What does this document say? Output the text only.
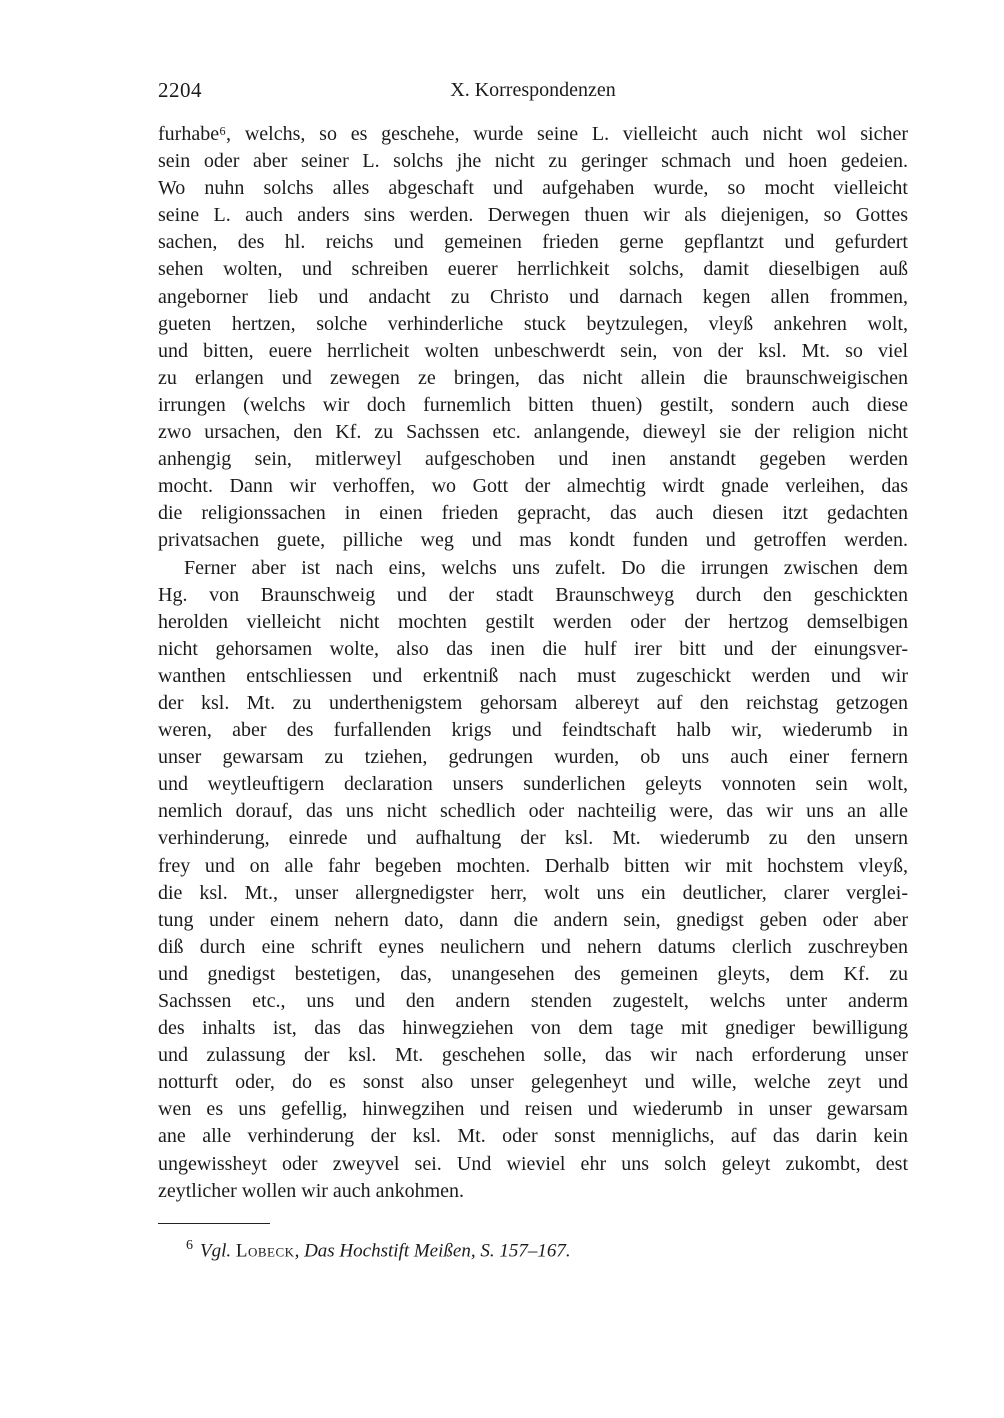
2204	X. Korrespondenzen
furhabe⁶, welchs, so es geschehe, wurde seine L. vielleicht auch nicht wol sicher
sein oder aber seiner L. solchs jhe nicht zu geringer schmach und hoen gedeien.
Wo nuhn solchs alles abgeschaft und aufgehaben wurde, so mocht vielleicht
seine L. auch anders sins werden. Derwegen thuen wir als diejenigen, so Gottes
sachen, des hl. reichs und gemeinen frieden gerne gepflantzt und gefurdert
sehen wolten, und schreiben euerer herrlichkeit solchs, damit dieselbigen auß
angeborner lieb und andacht zu Christo und darnach kegen allen frommen,
gueten hertzen, solche verhinderliche stuck beytzulegen, vleyß ankehren wolt,
und bitten, euere herrlicheit wolten unbeschwerdt sein, von der ksl. Mt. so viel
zu erlangen und zewegen ze bringen, das nicht allein die braunschweigischen
irrungen (welchs wir doch furnemlich bitten thuen) gestilt, sondern auch diese
zwo ursachen, den Kf. zu Sachssen etc. anlangende, dieweyl sie der religion nicht
anhengig sein, mitlerweyl aufgeschoben und inen anstandt gegeben werden
mocht. Dann wir verhoffen, wo Gott der almechtig wirdt gnade verleihen, das
die religionssachen in einen frieden gepracht, das auch diesen itzt gedachten
privatsachen guete, pilliche weg und mas kondt funden und getroffen werden.
Ferner aber ist nach eins, welchs uns zufelt. Do die irrungen zwischen dem
Hg. von Braunschweig und der stadt Braunschweyg durch den geschickten
herolden vielleicht nicht mochten gestilt werden oder der hertzog demselbigen
nicht gehorsamen wolte, also das inen die hulf irer bitt und der einungsver-
wanthen entschliessen und erkentniß nach must zugeschickt werden und wir
der ksl. Mt. zu underthenigstem gehorsam albereyt auf den reichstag getzogen
weren, aber des furfallenden krigs und feindtschaft halb wir, wiederumb in
unser gewarsam zu tziehen, gedrungen wurden, ob uns auch einer fernern
und weytleuftigern declaration unsers sunderlichen geleyts vonnoten sein wolt,
nemlich dorauf, das uns nicht schedlich oder nachteilig were, das wir uns an alle
verhinderung, einrede und aufhaltung der ksl. Mt. wiederumb zu den unsern
frey und on alle fahr begeben mochten. Derhalb bitten wir mit hochstem vleyß,
die ksl. Mt., unser allergnedigster herr, wolt uns ein deutlicher, clarer verglei-
tung under einem nehern dato, dann die andern sein, gnedigst geben oder aber
diß durch eine schrift eynes neulichern und nehern datums clerlich zuschreyben
und gnedigst bestetigen, das, unangesehen des gemeinen gleyts, dem Kf. zu
Sachssen etc., uns und den andern stenden zugestelt, welchs unter anderm
des inhalts ist, das das hinwegziehen von dem tage mit gnediger bewilligung
und zulassung der ksl. Mt. geschehen solle, das wir nach erforderung unser
notturft oder, do es sonst also unser gelegenheyt und wille, welche zeyt und
wen es uns gefellig, hinwegzihen und reisen und wiederumb in unser gewarsam
ane alle verhinderung der ksl. Mt. oder sonst menniglichs, auf das darin kein
ungewissheyt oder zweyvel sei. Und wieviel ehr uns solch geleyt zukombt, dest
zeytlicher wollen wir auch ankohmen.
$^6$ Vgl. Lobeck, Das Hochstift Meißen, S. 157–167.
